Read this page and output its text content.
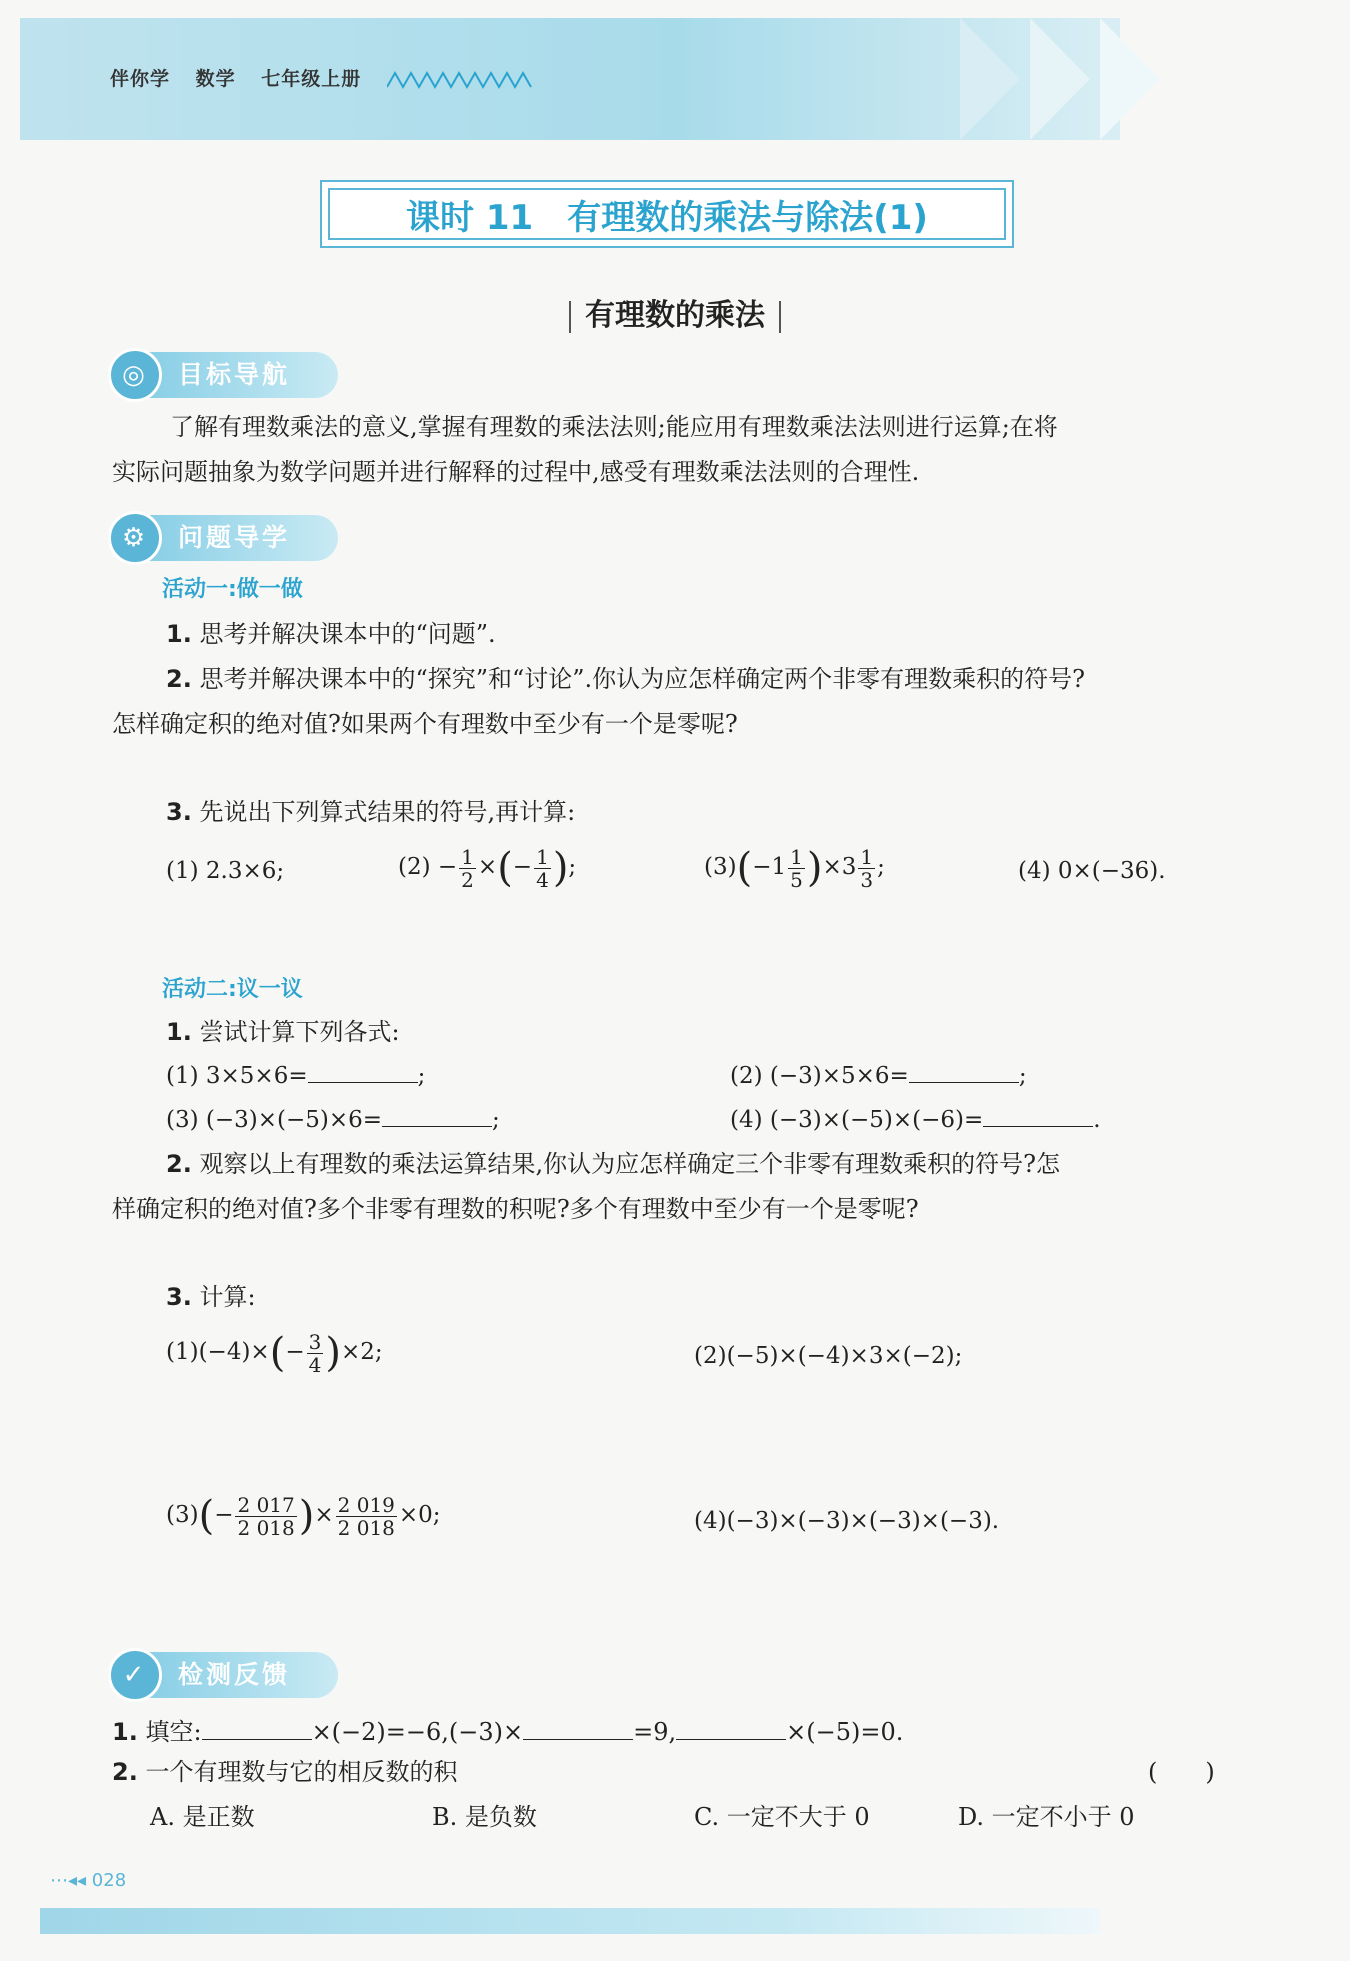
伴你学 数学 七年级上册
课时 11　有理数的乘法与除法(1)
有理数的乘法
◎	目标导航
了解有理数乘法的意义,掌握有理数的乘法法则;能应用有理数乘法法则进行运算;在将
实际问题抽象为数学问题并进行解释的过程中,感受有理数乘法法则的合理性.
⚙	问题导学
活动一:做一做
1. 思考并解决课本中的“问题”.
2. 思考并解决课本中的“探究”和“讨论”.你认为应怎样确定两个非零有理数乘积的符号?
怎样确定积的绝对值?如果两个有理数中至少有一个是零呢?
3. 先说出下列算式结果的符号,再计算:
(1) 2.3×6;	$(2) - \frac{1}{2}$ ×(− $\frac{1}{4}$ );	$(3)(-1 \frac{1}{5} )\times 3 \frac{1}{3}$ ;	(4) 0×(−36).
活动二:议一议
1. 尝试计算下列各式:
(1) 3×5×6=	;	(2) (−3)×5×6=	;
(3) (−3)×(−5)×6=	;	(4) (−3)×(−5)×(−6)=	.
2. 观察以上有理数的乘法运算结果,你认为应怎样确定三个非零有理数乘积的符号?怎
样确定积的绝对值?多个非零有理数的积呢?多个有理数中至少有一个是零呢?
3. 计算:
$(1)(-4)\times(- \frac{3}{4} )\times 2$;	(2)(−5)×(−4)×3×(−2);
$(3)(- \frac{2 017}{2 018}$ )× $\frac{2 019}{2 018} \times 0$;	(4)(−3)×(−3)×(−3)×(−3).
✓	检测反馈
1. 填空:	×(−2)=−6,(−3)×	=9,	×(−5)=0.
2. 一个有理数与它的相反数的积	(　　)
A. 是正数	B. 是负数	C. 一定不大于 0	D. 一定不小于 0
⋯◂◂ 028
